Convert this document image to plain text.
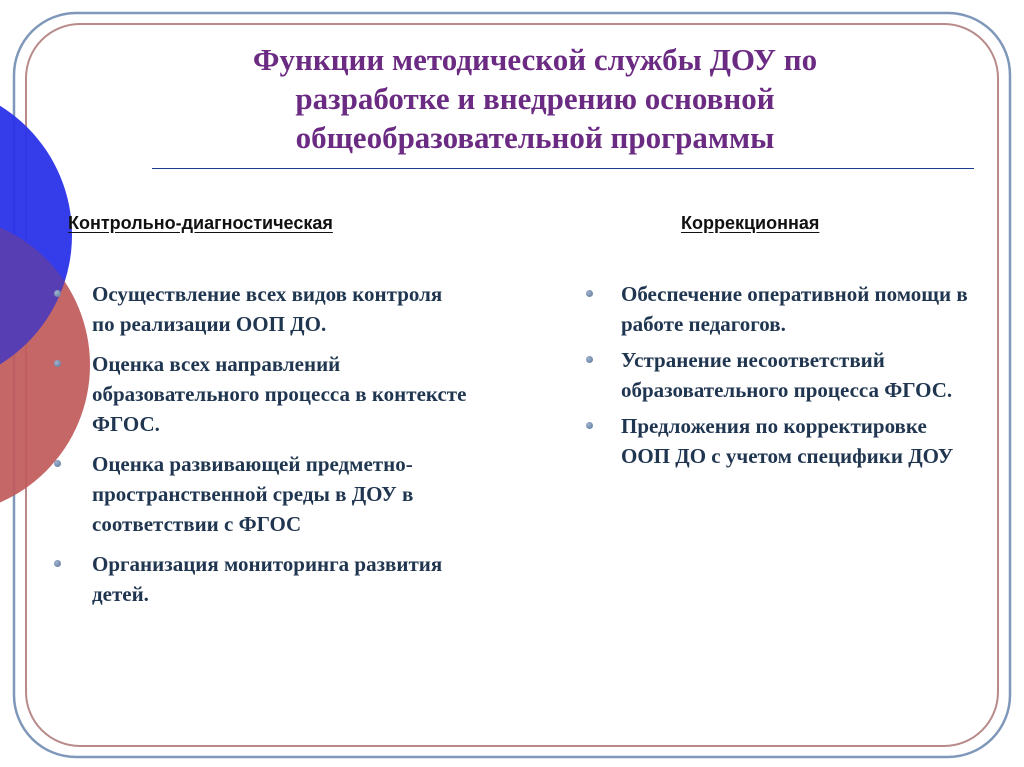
Функции методической службы ДОУ по
разработке и внедрению основной
общеобразовательной программы
Контрольно-диагностическая	Коррекционная
Осуществление всех видов контроля по реализации ООП ДО.
Оценка всех направлений образовательного процесса в контексте ФГОС.
Оценка развивающей предметно-пространственной среды в ДОУ в соответствии с ФГОС
Организация мониторинга развития детей.
Обеспечение оперативной помощи в работе педагогов.
Устранение несоответствий образовательного процесса ФГОС.
Предложения по корректировке ООП ДО с учетом специфики ДОУ
